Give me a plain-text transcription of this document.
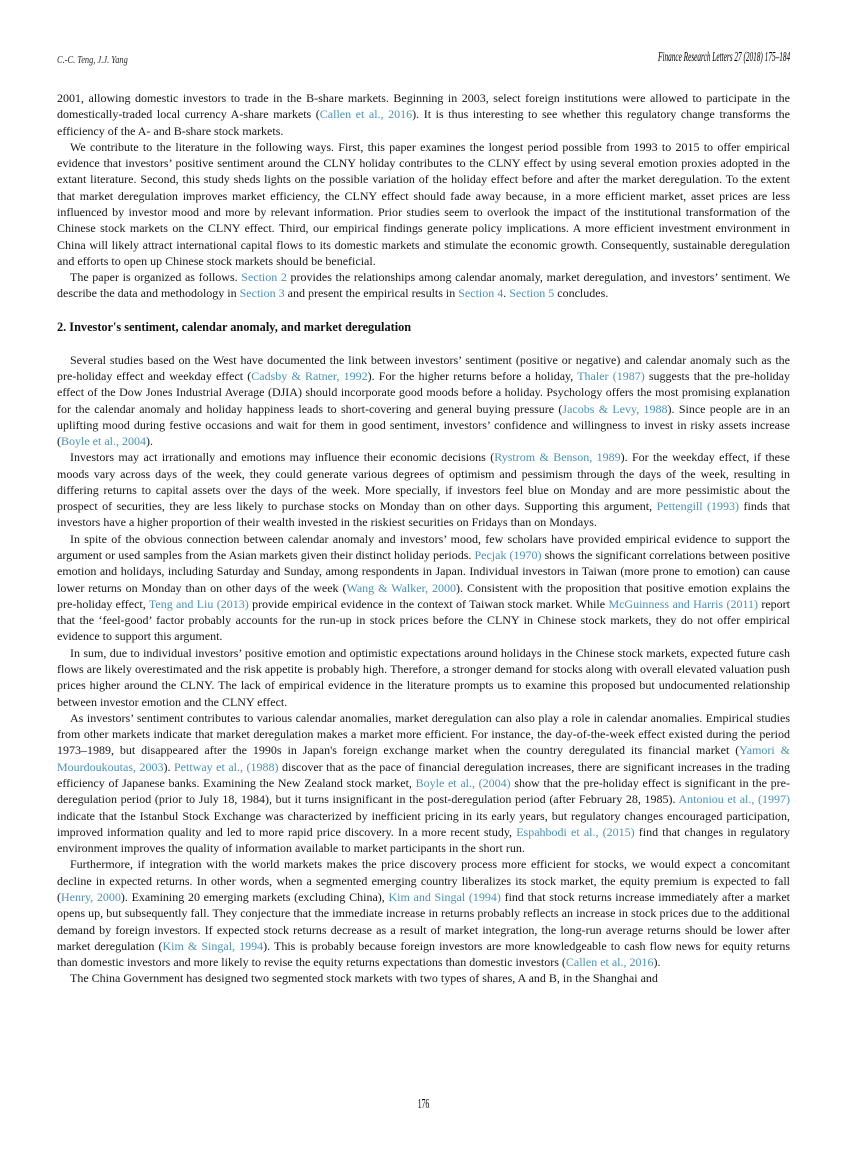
C.-C. Teng, J.J. Yang	Finance Research Letters 27 (2018) 175–184

2001, allowing domestic investors to trade in the B-share markets. Beginning in 2003, select foreign institutions were allowed to participate in the domestically-traded local currency A-share markets (Callen et al., 2016). It is thus interesting to see whether this regulatory change transforms the efficiency of the A- and B-share stock markets.

We contribute to the literature in the following ways. First, this paper examines the longest period possible from 1993 to 2015 to offer empirical evidence that investors’ positive sentiment around the CLNY holiday contributes to the CLNY effect by using several emotion proxies adopted in the extant literature. Second, this study sheds lights on the possible variation of the holiday effect before and after the market deregulation. To the extent that market deregulation improves market efficiency, the CLNY effect should fade away because, in a more efficient market, asset prices are less influenced by investor mood and more by relevant information. Prior studies seem to overlook the impact of the institutional transformation of the Chinese stock markets on the CLNY effect. Third, our empirical findings generate policy implications. A more efficient investment environment in China will likely attract international capital flows to its domestic markets and stimulate the economic growth. Consequently, sustainable deregulation and efforts to open up Chinese stock markets should be beneficial.

The paper is organized as follows. Section 2 provides the relationships among calendar anomaly, market deregulation, and investors’ sentiment. We describe the data and methodology in Section 3 and present the empirical results in Section 4. Section 5 concludes.

2. Investor's sentiment, calendar anomaly, and market deregulation

Several studies based on the West have documented the link between investors’ sentiment (positive or negative) and calendar anomaly such as the pre-holiday effect and weekday effect (Cadsby & Ratner, 1992). For the higher returns before a holiday, Thaler (1987) suggests that the pre-holiday effect of the Dow Jones Industrial Average (DJIA) should incorporate good moods before a holiday. Psychology offers the most promising explanation for the calendar anomaly and holiday happiness leads to short-covering and general buying pressure (Jacobs & Levy, 1988). Since people are in an uplifting mood during festive occasions and wait for them in good sentiment, investors’ confidence and willingness to invest in risky assets increase (Boyle et al., 2004).

Investors may act irrationally and emotions may influence their economic decisions (Rystrom & Benson, 1989). For the weekday effect, if these moods vary across days of the week, they could generate various degrees of optimism and pessimism through the days of the week, resulting in differing returns to capital assets over the days of the week. More specially, if investors feel blue on Monday and are more pessimistic about the prospect of securities, they are less likely to purchase stocks on Monday than on other days. Supporting this argument, Pettengill (1993) finds that investors have a higher proportion of their wealth invested in the riskiest securities on Fridays than on Mondays.

In spite of the obvious connection between calendar anomaly and investors’ mood, few scholars have provided empirical evidence to support the argument or used samples from the Asian markets given their distinct holiday periods. Pecjak (1970) shows the significant correlations between positive emotion and holidays, including Saturday and Sunday, among respondents in Japan. Individual investors in Taiwan (more prone to emotion) can cause lower returns on Monday than on other days of the week (Wang & Walker, 2000). Consistent with the proposition that positive emotion explains the pre-holiday effect, Teng and Liu (2013) provide empirical evidence in the context of Taiwan stock market. While McGuinness and Harris (2011) report that the ‘feel-good’ factor probably accounts for the run-up in stock prices before the CLNY in Chinese stock markets, they do not offer empirical evidence to support this argument.

In sum, due to individual investors’ positive emotion and optimistic expectations around holidays in the Chinese stock markets, expected future cash flows are likely overestimated and the risk appetite is probably high. Therefore, a stronger demand for stocks along with overall elevated valuation push prices higher around the CLNY. The lack of empirical evidence in the literature prompts us to examine this proposed but undocumented relationship between investor emotion and the CLNY effect.

As investors’ sentiment contributes to various calendar anomalies, market deregulation can also play a role in calendar anomalies. Empirical studies from other markets indicate that market deregulation makes a market more efficient. For instance, the day-of-the-week effect existed during the period 1973–1989, but disappeared after the 1990s in Japan's foreign exchange market when the country deregulated its financial market (Yamori & Mourdoukoutas, 2003). Pettway et al., (1988) discover that as the pace of financial deregulation increases, there are significant increases in the trading efficiency of Japanese banks. Examining the New Zealand stock market, Boyle et al., (2004) show that the pre-holiday effect is significant in the pre-deregulation period (prior to July 18, 1984), but it turns insignificant in the post-deregulation period (after February 28, 1985). Antoniou et al., (1997) indicate that the Istanbul Stock Exchange was characterized by inefficient pricing in its early years, but regulatory changes encouraged participation, improved information quality and led to more rapid price discovery. In a more recent study, Espahbodi et al., (2015) find that changes in regulatory environment improves the quality of information available to market participants in the short run.

Furthermore, if integration with the world markets makes the price discovery process more efficient for stocks, we would expect a concomitant decline in expected returns. In other words, when a segmented emerging country liberalizes its stock market, the equity premium is expected to fall (Henry, 2000). Examining 20 emerging markets (excluding China), Kim and Singal (1994) find that stock returns increase immediately after a market opens up, but subsequently fall. They conjecture that the immediate increase in returns probably reflects an increase in stock prices due to the additional demand by foreign investors. If expected stock returns decrease as a result of market integration, the long-run average returns should be lower after market deregulation (Kim & Singal, 1994). This is probably because foreign investors are more knowledgeable to cash flow news for equity returns than domestic investors and more likely to revise the equity returns expectations than domestic investors (Callen et al., 2016).

The China Government has designed two segmented stock markets with two types of shares, A and B, in the Shanghai and

176
